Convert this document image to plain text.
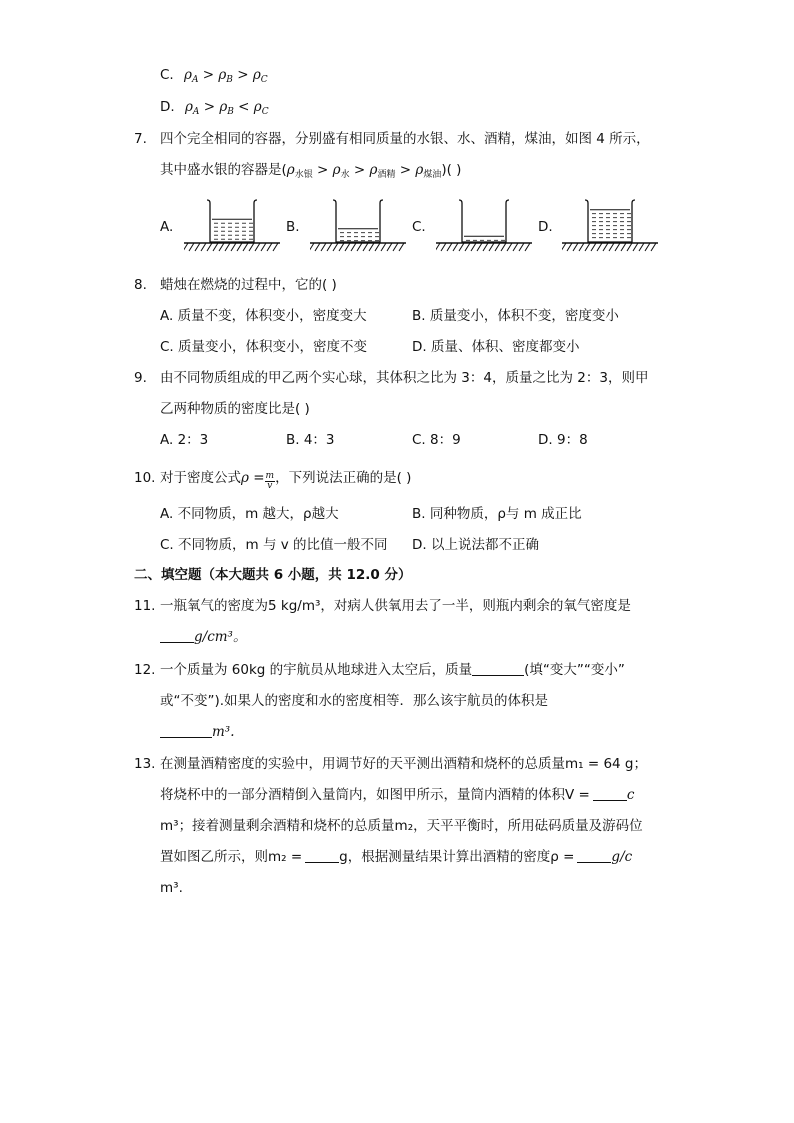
C. $\rho_A > \rho_B > \rho_C$
D. $\rho_A > \rho_B < \rho_C$
7. 四个完全相同的容器，分别盛有相同质量的水银、水、酒精，煤油，如图 4 所示，
其中盛水银的容器是$(\rho_{水银} > \rho_水 > \rho_{酒精} > \rho_{煤油})$( )
A.	B.	C.	D.
8. 蜡烛在燃烧的过程中，它的( )
A. 质量不变，体积变小，密度变大	B. 质量变小，体积不变，密度变小
C. 质量变小，体积变小，密度不变	D. 质量、体积、密度都变小
9. 由不同物质组成的甲乙两个实心球，其体积之比为 3：4，质量之比为 2：3，则甲
乙两种物质的密度比是( )
A. 2：3	B. 4：3	C. 8：9	D. 9：8
10. 对于密度公式$\rho = \frac{m}{v}$ ，下列说法正确的是( )
A. 不同物质，m 越大，ρ越大	B. 同种物质，ρ与 m 成正比
C. 不同物质，m 与 v 的比值一般不同 D. 以上说法都不正确
二、填空题（本大题共 6 小题，共 12.0 分）
11. 一瓶氧气的密度为5 kg/m³，对病人供氧用去了一半，则瓶内剩余的氧气密度是
g/cm³。
12. 一个质量为 60kg 的宇航员从地球进入太空后，质量	(填“变大”“变小”
或“不变”).如果人的密度和水的密度相等．那么该宇航员的体积是
m³.
13. 在测量酒精密度的实验中，用调节好的天平测出酒精和烧杯的总质量m₁ = 64 g；
将烧杯中的一部分酒精倒入量筒内，如图甲所示，量筒内酒精的体积V =	c
m³；接着测量剩余酒精和烧杯的总质量m₂，天平平衡时，所用砝码质量及游码位
置如图乙所示，则m₂ =	g，根据测量结果计算出酒精的密度ρ =	g/c
m³.
